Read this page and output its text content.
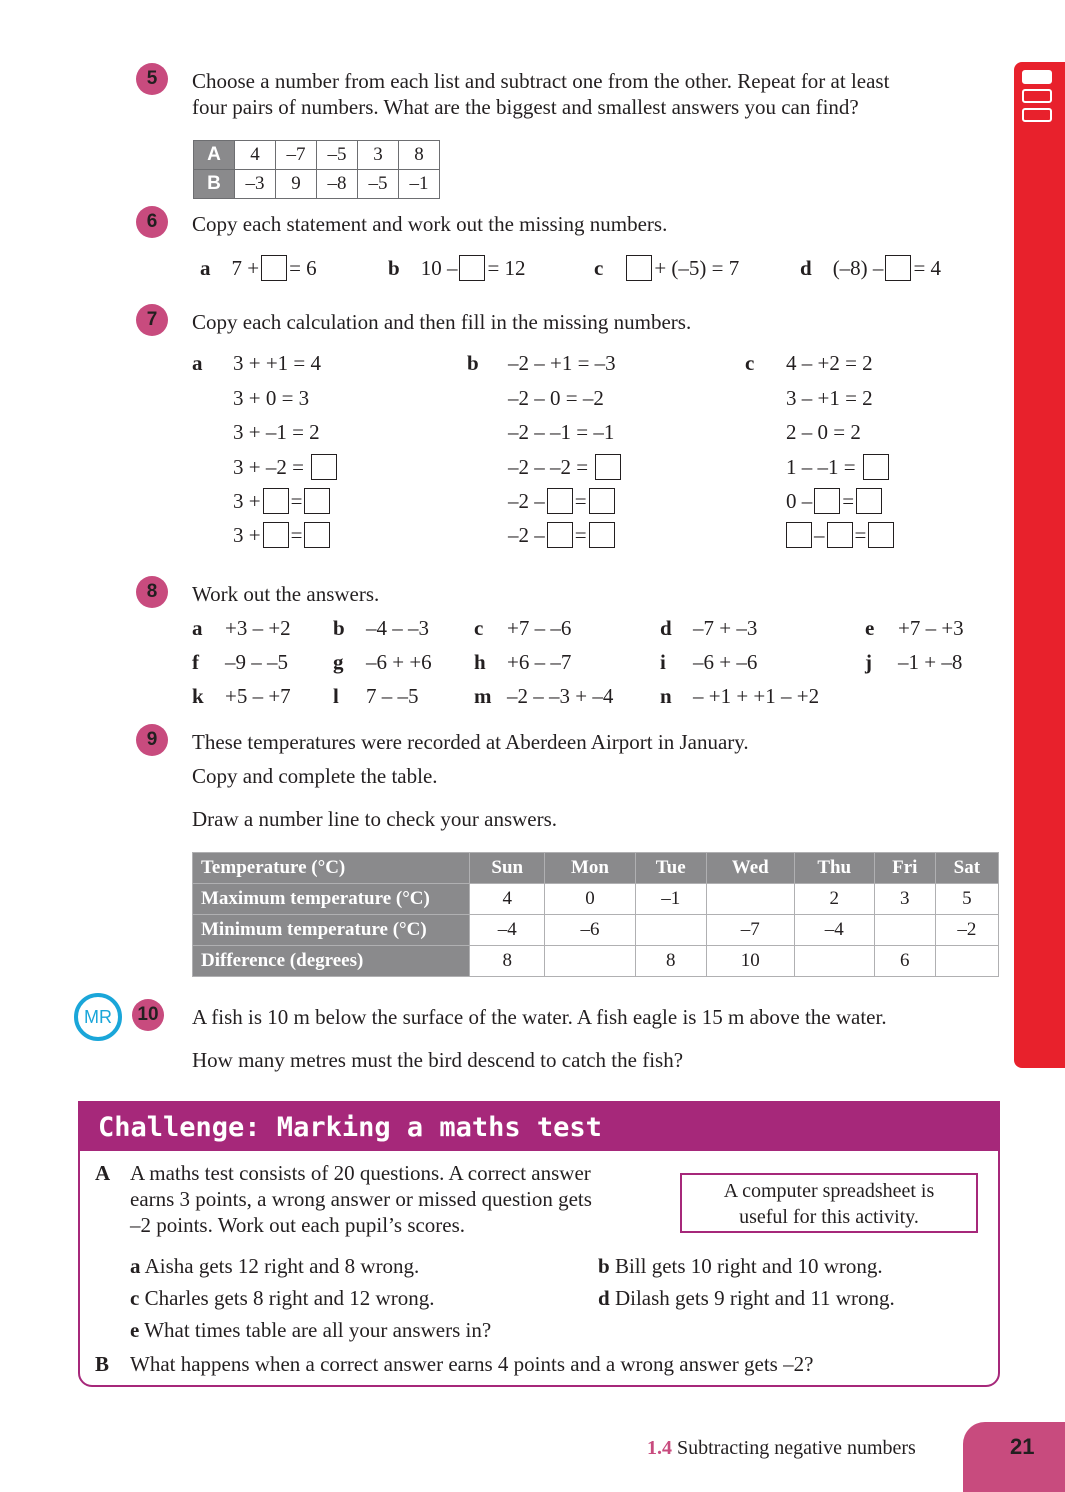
5	Choose a number from each list and subtract one from the other. Repeat for at least
four pairs of numbers. What are the biggest and smallest answers you can find?
A	4	–7	–5	3	8
B	–3	9	–8	–5	–1
6	Copy each statement and work out the missing numbers.
a 7 + = 6	b 10 – = 12	c + (–5) = 7	d (–8) – = 4
7	Copy each calculation and then fill in the missing numbers.
a 3 + +1 = 4
3 + 0 = 3
3 + –1 = 2
3 + –2 =
3 + =
3 + =
b –2 – +1 = –3
–2 – 0 = –2
–2 – –1 = –1
–2 – –2 =
–2 – =
–2 – =
c 4 – +2 = 2
3 – +1 = 2
2 – 0 = 2
1 – –1 =
0 – =
– =
8	Work out the answers.
a +3 – +2 b –4 – –3 c +7 – –6	d –7 + –3	e +7 – +3
f –9 – –5 g –6 + +6 h +6 – –7	i –6 + –6	j –1 + –8
k +5 – +7 l 7 – –5	m –2 – –3 + –4 n – +1 + +1 – +2
9	These temperatures were recorded at Aberdeen Airport in January.
Copy and complete the table.
Draw a number line to check your answers.
Temperature (°C)	Sun	Mon	Tue	Wed	Thu	Fri	Sat
Maximum temperature (°C)	4	0	–1		2	3	5
Minimum temperature (°C)	–4	–6		–7	–4		–2
Difference (degrees)	8		8	10		6	
MR	10 A fish is 10 m below the surface of the water. A fish eagle is 15 m above the water.
How many metres must the bird descend to catch the fish?
Challenge: Marking a maths test
A A maths test consists of 20 questions. A correct answer
earns 3 points, a wrong answer or missed question gets
–2 points. Work out each pupil’s scores.
A computer spreadsheet is
useful for this activity.
a Aisha gets 12 right and 8 wrong.	b Bill gets 10 right and 10 wrong.
c Charles gets 8 right and 12 wrong.	d Dilash gets 9 right and 11 wrong.
e What times table are all your answers in?
B What happens when a correct answer earns 4 points and a wrong answer gets –2?
1.4 Subtracting negative numbers	21
